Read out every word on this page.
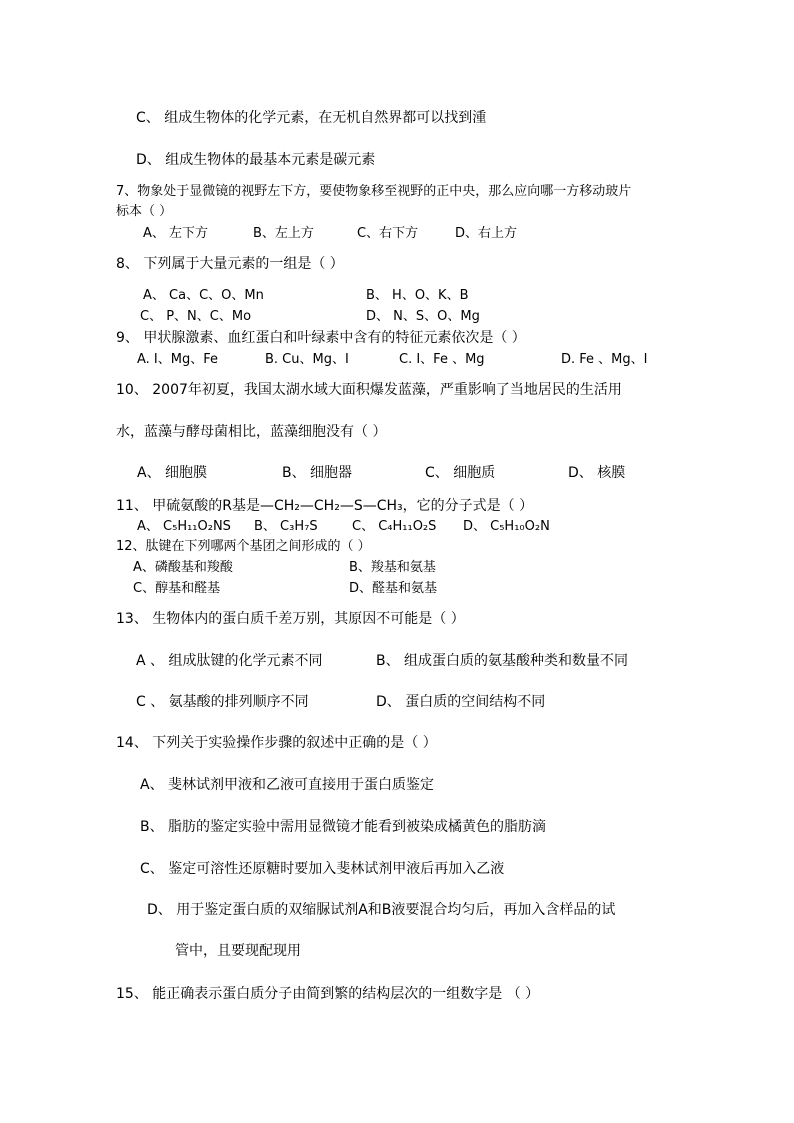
C、 组成生物体的化学元素，在无机自然界都可以找到湩
D、 组成生物体的最基本元素是碳元素
7、物象处于显微镜的视野左下方，要使物象移至视野的正中央，那么应向哪一方移动玻片
标本（ ）
A、 左下方	B、左上方	C、右下方	D、右上方
8、 下列属于大量元素的一组是（ ）
A、 Ca、C、O、Mn	B、 H、O、K、B
C、 P、N、C、Mo	D、 N、S、O、Mg
9、 甲状腺激素、血红蛋白和叶绿素中含有的特征元素依次是（ ）
A. I、Mg、Fe	B. Cu、Mg、I	C. I、Fe 、Mg	D. Fe 、Mg、I
10、 2007年初夏，我国太湖水域大面积爆发蓝藻，严重影响了当地居民的生活用
水，蓝藻与酵母菌相比，蓝藻细胞没有（ ）
A、 细胞膜	B、 细胞器	C、 细胞质	D、 核膜
11、 甲硫氨酸的R基是—CH₂—CH₂—S—CH₃，它的分子式是（ ）
A、 C₅H₁₁O₂NS B、 C₃H₇S	C、 C₄H₁₁O₂S D、 C₅H₁₀O₂N
12、肽键在下列哪两个基团之间形成的（ ）
A、磷酸基和羧酸	B、羧基和氨基
C、醇基和醛基	D、醛基和氨基
13、 生物体内的蛋白质千差万别，其原因不可能是（ ）
A 、 组成肽键的化学元素不同	B、 组成蛋白质的氨基酸种类和数量不同
C 、 氨基酸的排列顺序不同	D、 蛋白质的空间结构不同
14、 下列关于实验操作步骤的叙述中正确的是（ ）
A、 斐林试剂甲液和乙液可直接用于蛋白质鉴定
B、 脂肪的鉴定实验中需用显微镜才能看到被染成橘黄色的脂肪滴
C、 鉴定可溶性还原糖时要加入斐林试剂甲液后再加入乙液
D、 用于鉴定蛋白质的双缩脲试剂A和B液要混合均匀后，再加入含样品的试
管中，且要现配现用
15、 能正确表示蛋白质分子由简到繁的结构层次的一组数字是 （ ）
